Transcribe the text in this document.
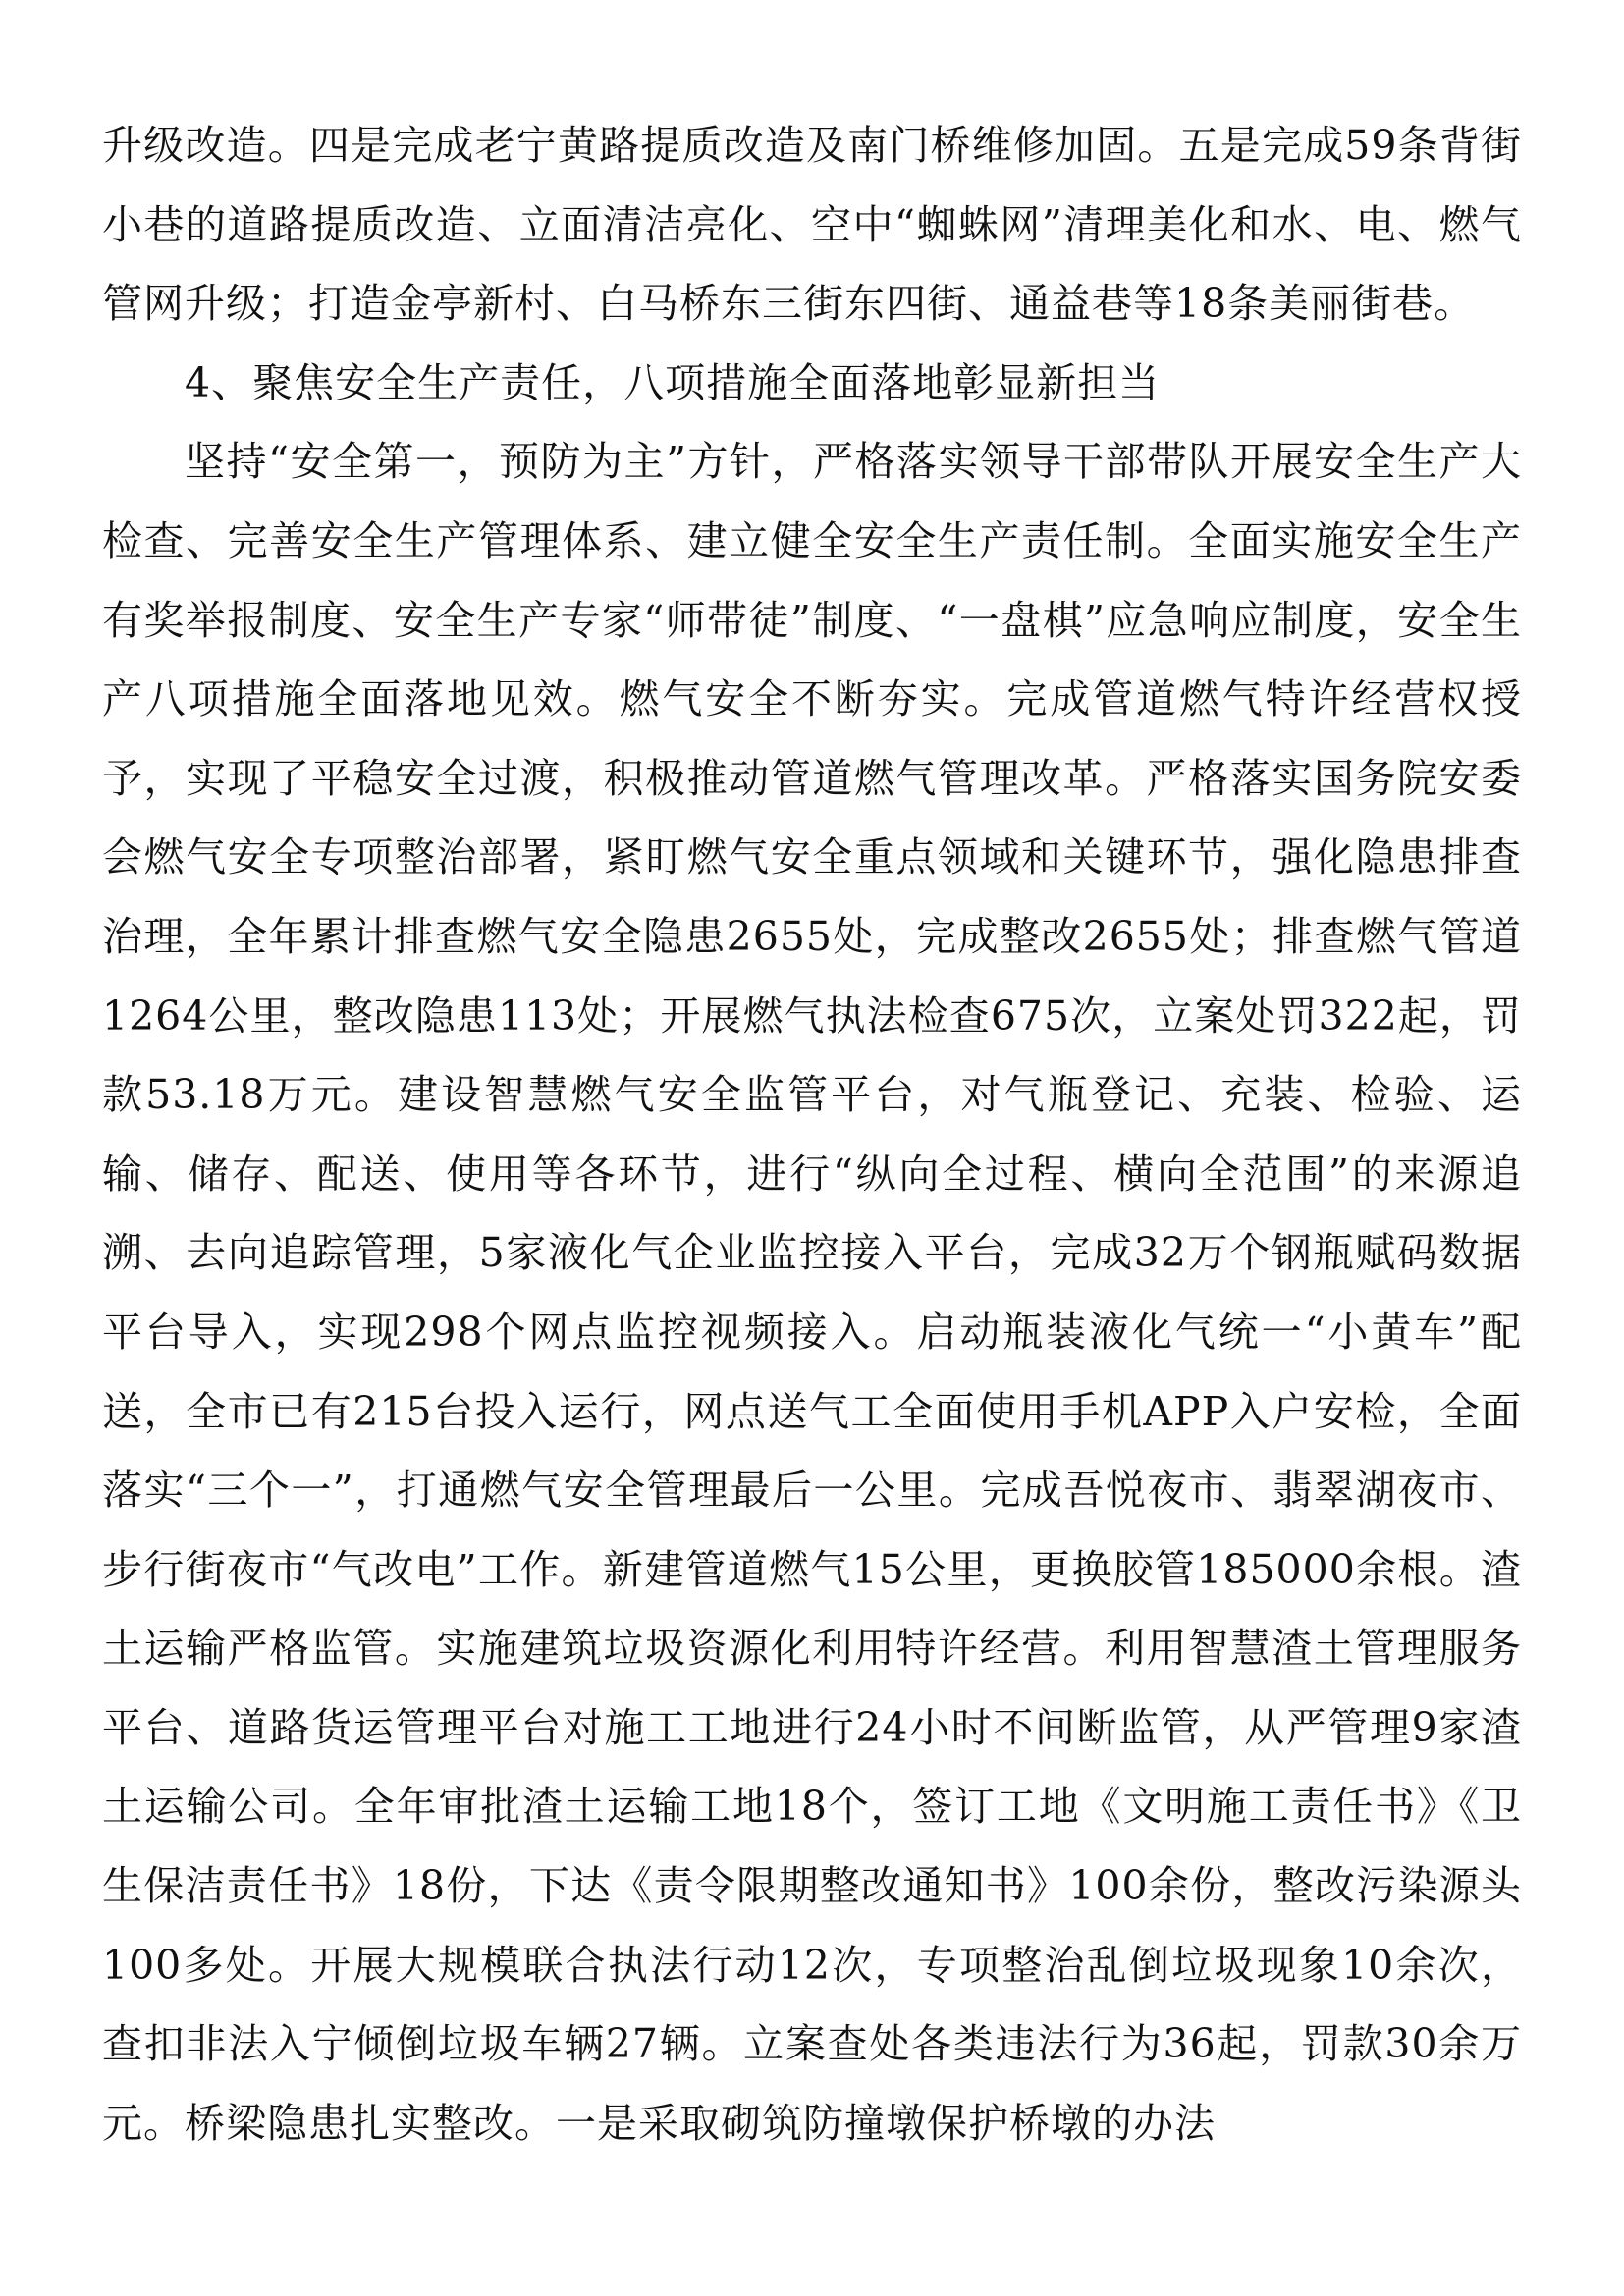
升级改造。四是完成老宁黄路提质改造及南门桥维修加固。五是完成59条背街小巷的道路提质改造、立面清洁亮化、空中“蜘蛛网”清理美化和水、电、燃气管网升级；打造金亭新村、白马桥东三街东四街、通益巷等18条美丽街巷。

4、聚焦安全生产责任，八项措施全面落地彰显新担当

坚持“安全第一，预防为主”方针，严格落实领导干部带队开展安全生产大检查、完善安全生产管理体系、建立健全安全生产责任制。全面实施安全生产有奖举报制度、安全生产专家“师带徒”制度、“一盘棋”应急响应制度，安全生产八项措施全面落地见效。燃气安全不断夯实。完成管道燃气特许经营权授予，实现了平稳安全过渡，积极推动管道燃气管理改革。严格落实国务院安委会燃气安全专项整治部署，紧盯燃气安全重点领域和关键环节，强化隐患排查治理，全年累计排查燃气安全隐患2655处，完成整改2655处；排查燃气管道1264公里，整改隐患113处；开展燃气执法检查675次，立案处罚322起，罚款53.18万元。建设智慧燃气安全监管平台，对气瓶登记、充装、检验、运输、储存、配送、使用等各环节，进行“纵向全过程、横向全范围”的来源追溯、去向追踪管理，5家液化气企业监控接入平台，完成32万个钢瓶赋码数据平台导入，实现298个网点监控视频接入。启动瓶装液化气统一“小黄车”配送，全市已有215台投入运行，网点送气工全面使用手机APP入户安检，全面落实“三个一”，打通燃气安全管理最后一公里。完成吾悦夜市、翡翠湖夜市、步行街夜市“气改电”工作。新建管道燃气15公里，更换胶管185000余根。渣土运输严格监管。实施建筑垃圾资源化利用特许经营。利用智慧渣土管理服务平台、道路货运管理平台对施工工地进行24小时不间断监管，从严管理9家渣土运输公司。全年审批渣土运输工地18个，签订工地《文明施工责任书》《卫生保洁责任书》18份，下达《责令限期整改通知书》100余份，整改污染源头100多处。开展大规模联合执法行动12次，专项整治乱倒垃圾现象10余次，查扣非法入宁倾倒垃圾车辆27辆。立案查处各类违法行为36起，罚款30余万元。桥梁隐患扎实整改。一是采取砌筑防撞墩保护桥墩的办法
